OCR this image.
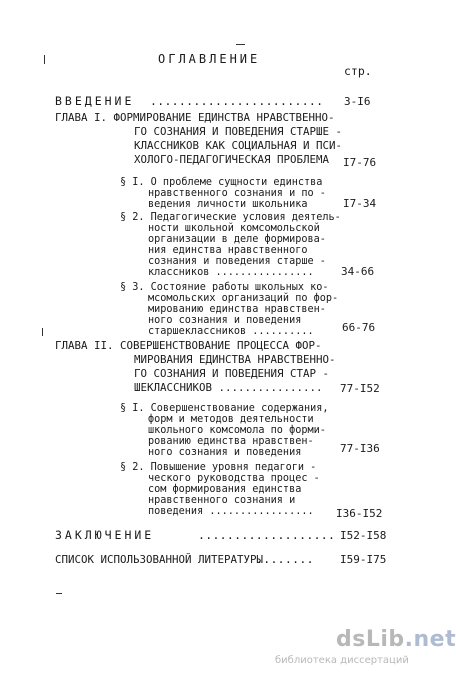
ОГЛАВЛЕНИЕ
стр.
ВВЕДЕНИЕ ........................ 3-I6
ГЛАВА I. ФОРМИРОВАНИЕ ЕДИНСТВА НРАВСТВЕННО-
ГО СОЗНАНИЯ И ПОВЕДЕНИЯ СТАРШЕ -
КЛАССНИКОВ КАК СОЦИАЛЬНАЯ И ПСИ-
ХОЛОГО-ПЕДАГОГИЧЕСКАЯ ПРОБЛЕМА I7-76
§ I. О проблеме сущности единства
нравственного сознания и по -
ведения личности школьника	I7-34
§ 2. Педагогические условия деятель-
ности школьной комсомольской
организации в деле формирова-
ния единства нравственного
сознания и поведения старше -
классников ................ 34-66
§ 3. Состояние работы школьных ко-
мсомольских организаций по фор-
мированию единства нравствен-
ного сознания и поведения
старшеклассников ..........	66-76
ГЛАВА II. СОВЕРШЕНСТВОВАНИЕ ПРОЦЕССА ФОР-
МИРОВАНИЯ ЕДИНСТВА НРАВСТВЕННО-
ГО СОЗНАНИЯ И ПОВЕДЕНИЯ СТАР -
ШЕКЛАССНИКОВ ................ 77-I52
§ I. Совершенствование содержания,
форм и методов деятельности
школьного комсомола по форми-
рованию единства нравствен-
ного сознания и поведения	77-I36
§ 2. Повышение уровня педагоги -
ческого руководства процес -
сом формирования единства
нравственного сознания и
поведения ................. I36-I52
ЗАКЛЮЧЕНИЕ	................... I52-I58
СПИСОК ИСПОЛЬЗОВАННОЙ ЛИТЕРАТУРЫ
........ I59-I75
dsLib.net
библиотека диссертаций
